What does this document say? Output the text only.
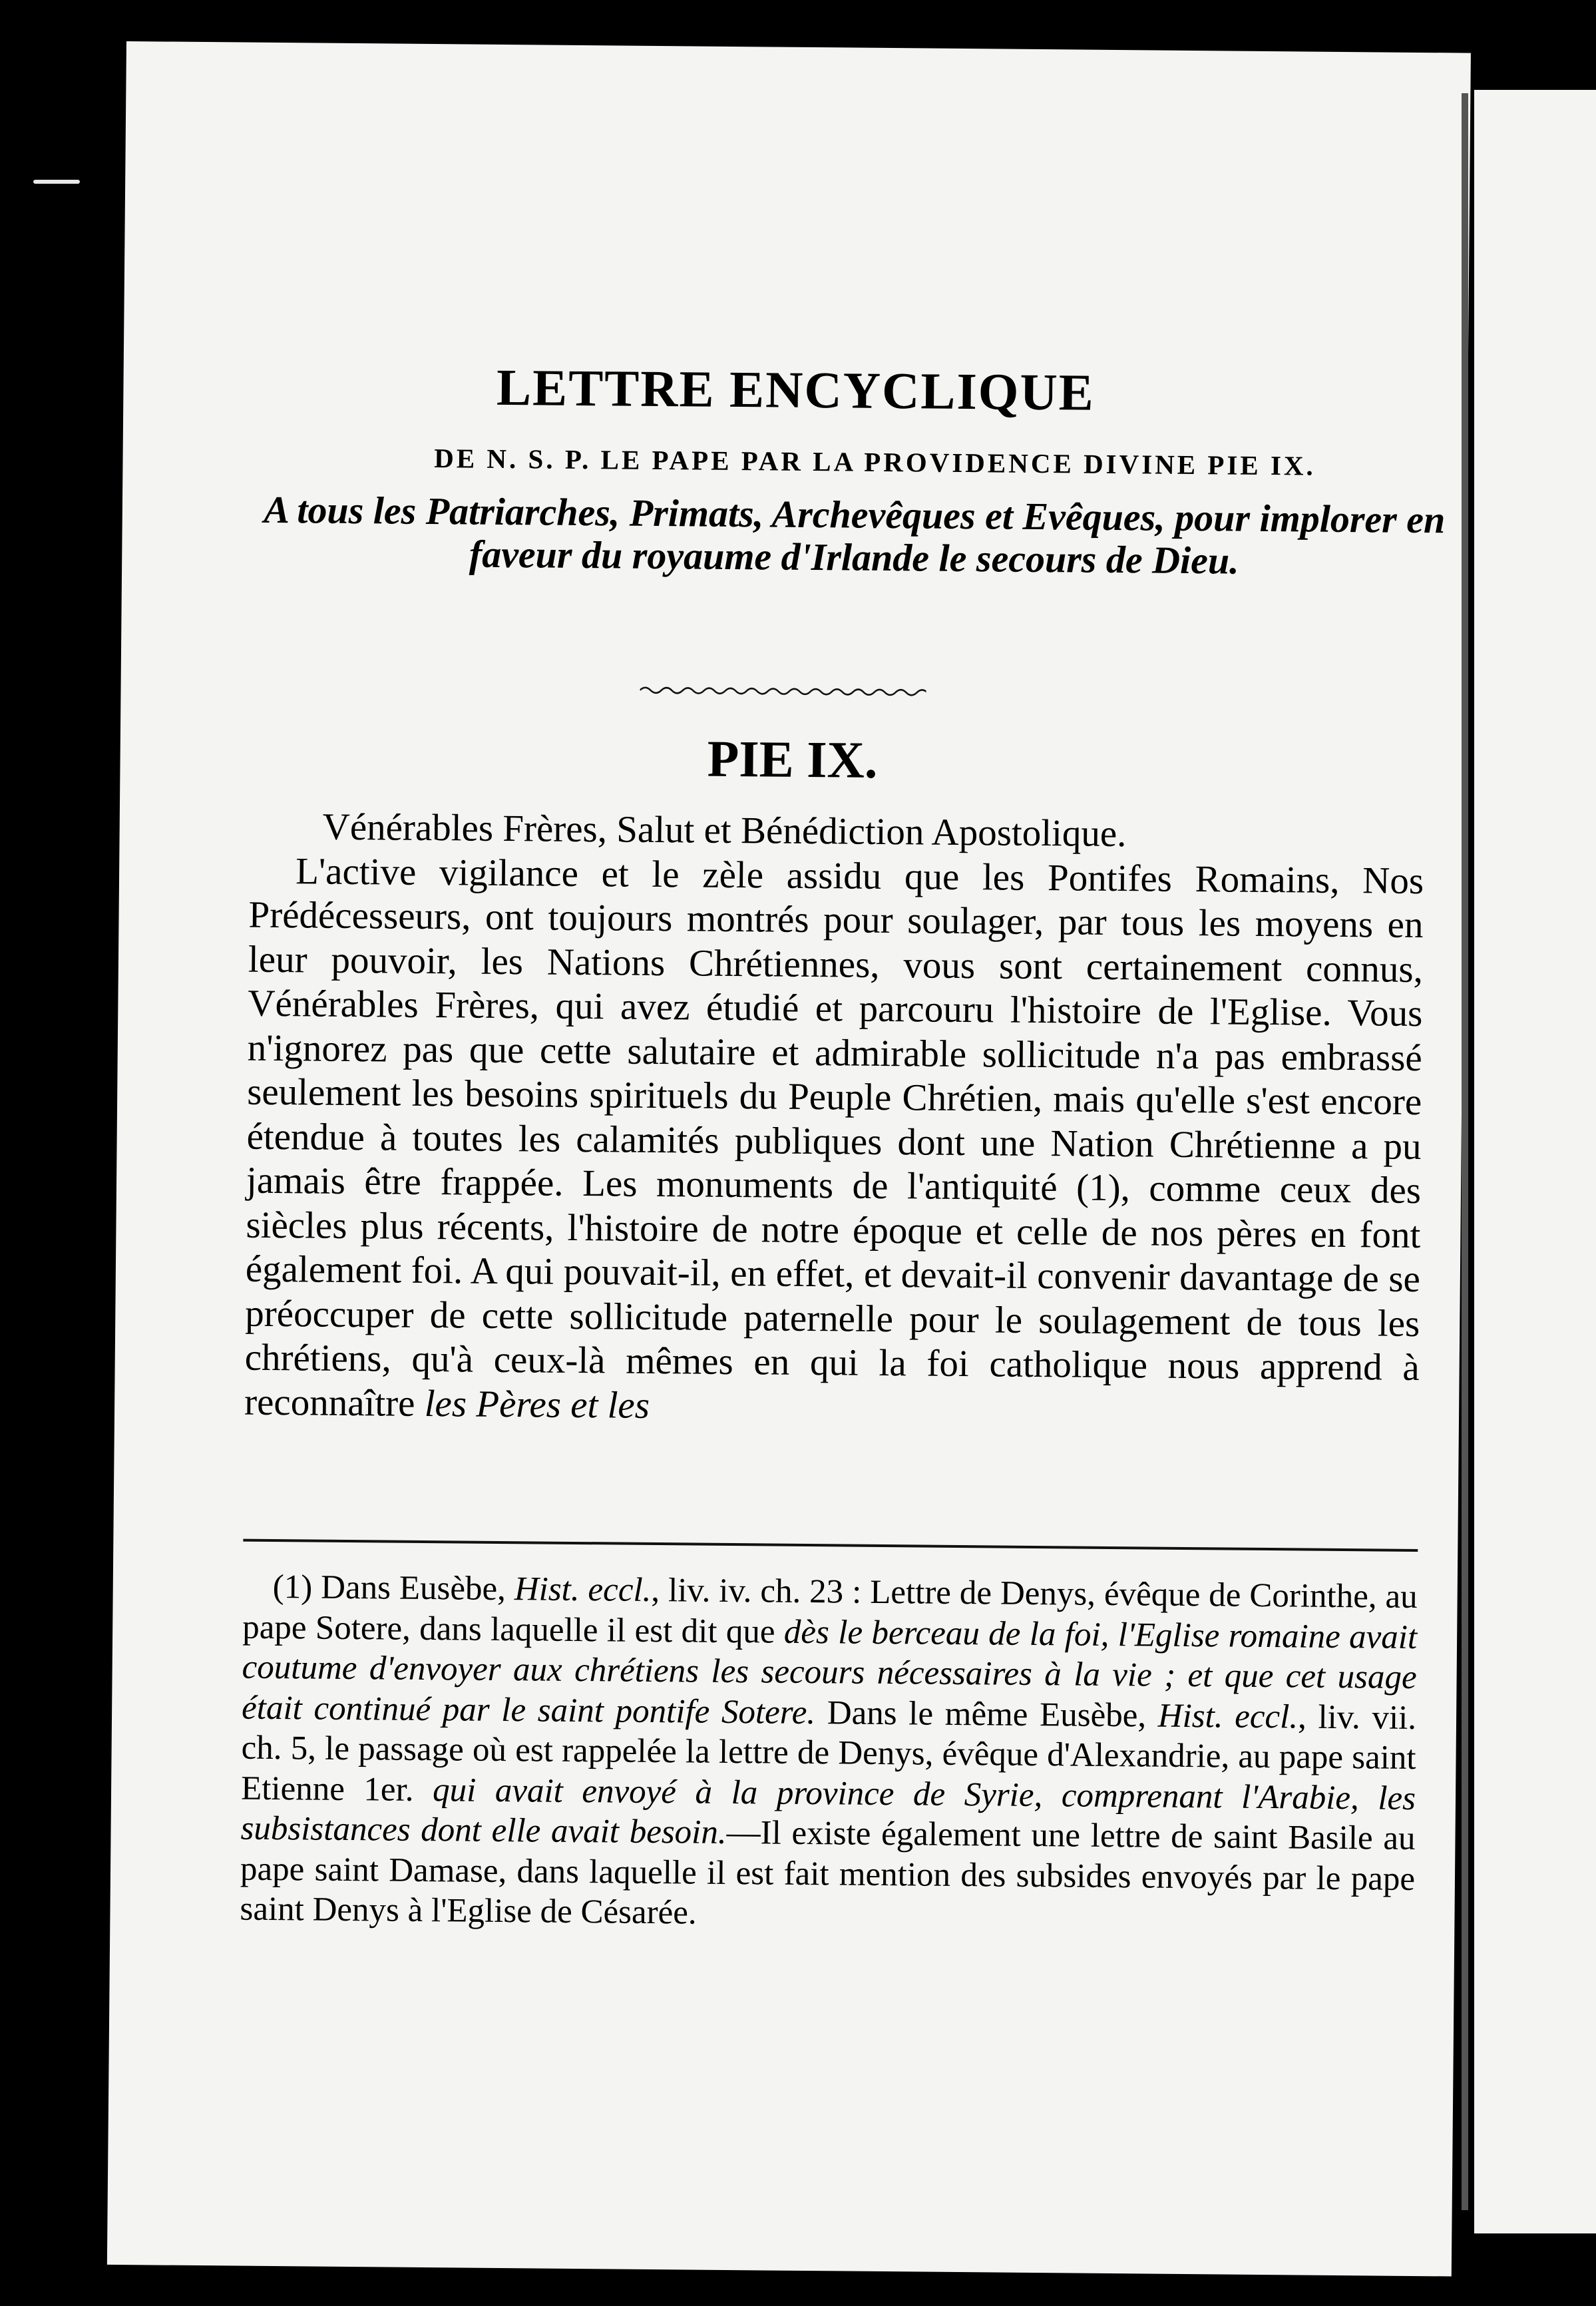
LETTRE ENCYCLIQUE
DE N. S. P. LE PAPE PAR LA PROVIDENCE DIVINE PIE IX.
A tous les Patriarches, Primats, Archevêques et Evêques, pour implorer en faveur du royaume d'Irlande le secours de Dieu.
PIE IX.

Vénérables Frères, Salut et Bénédiction Apostolique.

L'active vigilance et le zèle assidu que les Pontifes Romains, Nos Prédécesseurs, ont toujours montrés pour soulager, par tous les moyens en leur pouvoir, les Nations Chrétiennes, vous sont certainement connus, Vénérables Frères, qui avez étudié et parcouru l'histoire de l'Eglise. Vous n'ignorez pas que cette salutaire et admirable sollicitude n'a pas embrassé seulement les besoins spirituels du Peuple Chrétien, mais qu'elle s'est encore étendue à toutes les calamités publiques dont une Nation Chrétienne a pu jamais être frappée. Les monuments de l'antiquité (1), comme ceux des siècles plus récents, l'histoire de notre époque et celle de nos pères en font également foi. A qui pouvait-il, en effet, et devait-il convenir davantage de se préoccuper de cette sollicitude paternelle pour le soulagement de tous les chrétiens, qu'à ceux-là mêmes en qui la foi catholique nous apprend à reconnaître les Pères et les

(1) Dans Eusèbe, Hist. eccl., liv. iv. ch. 23 : Lettre de Denys, évêque de Corinthe, au pape Sotere, dans laquelle il est dit que dès le berceau de la foi, l'Eglise romaine avait coutume d'envoyer aux chrétiens les secours nécessaires à la vie ; et que cet usage était continué par le saint pontife Sotere. Dans le même Eusèbe, Hist. eccl., liv. vii. ch. 5, le passage où est rappelée la lettre de Denys, évêque d'Alexandrie, au pape saint Etienne 1er. qui avait envoyé à la province de Syrie, comprenant l'Arabie, les subsistances dont elle avait besoin.—Il existe également une lettre de saint Basile au pape saint Damase, dans laquelle il est fait mention des subsides envoyés par le pape saint Denys à l'Eglise de Césarée.
